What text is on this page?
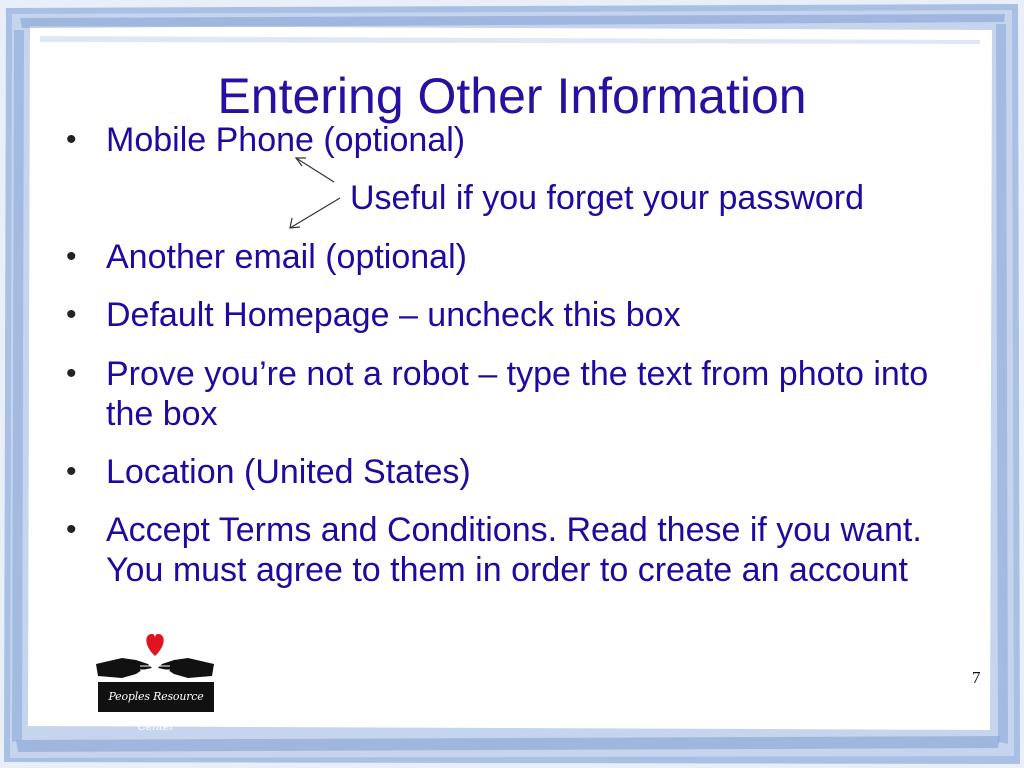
Entering Other Information
• Mobile Phone (optional)
Useful if you forget your password
• Another email (optional)
• Default Homepage – uncheck this box
• Prove you’re not a robot – type the text from photo into the box
• Location (United States)
• Accept Terms and Conditions. Read these if you want. You must agree to them in order to create an account
Peoples Resource Center
7
